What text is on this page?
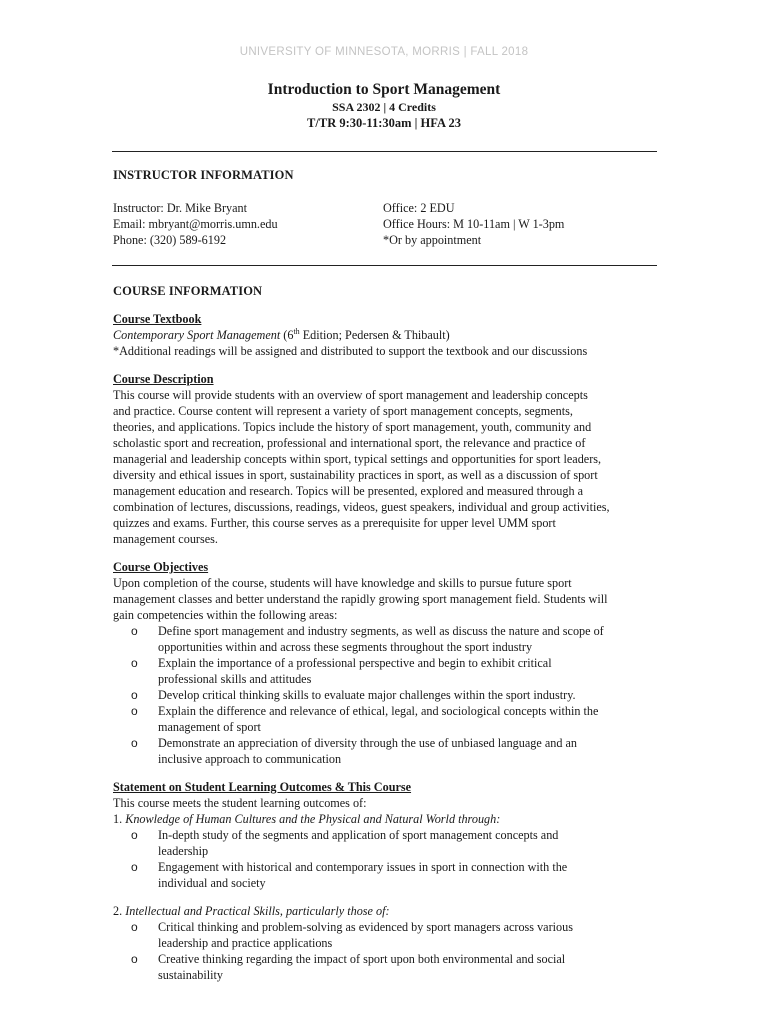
UNIVERSITY OF MINNESOTA, MORRIS | FALL 2018
Introduction to Sport Management
SSA 2302 | 4 Credits
T/TR 9:30-11:30am | HFA 23
INSTRUCTOR INFORMATION
Instructor: Dr. Mike Bryant
Email: mbryant@morris.umn.edu
Phone: (320) 589-6192
Office: 2 EDU
Office Hours: M 10-11am | W 1-3pm
*Or by appointment
COURSE INFORMATION
Course Textbook
Contemporary Sport Management (6th Edition; Pedersen & Thibault)
*Additional readings will be assigned and distributed to support the textbook and our discussions
Course Description
This course will provide students with an overview of sport management and leadership concepts
and practice. Course content will represent a variety of sport management concepts, segments,
theories, and applications. Topics include the history of sport management, youth, community and
scholastic sport and recreation, professional and international sport, the relevance and practice of
managerial and leadership concepts within sport, typical settings and opportunities for sport leaders,
diversity and ethical issues in sport, sustainability practices in sport, as well as a discussion of sport
management education and research. Topics will be presented, explored and measured through a
combination of lectures, discussions, readings, videos, guest speakers, individual and group activities,
quizzes and exams. Further, this course serves as a prerequisite for upper level UMM sport
management courses.
Course Objectives
Upon completion of the course, students will have knowledge and skills to pursue future sport
management classes and better understand the rapidly growing sport management field. Students will
gain competencies within the following areas:
o Define sport management and industry segments, as well as discuss the nature and scope of
opportunities within and across these segments throughout the sport industry
o Explain the importance of a professional perspective and begin to exhibit critical
professional skills and attitudes
o Develop critical thinking skills to evaluate major challenges within the sport industry.
o Explain the difference and relevance of ethical, legal, and sociological concepts within the
management of sport
o Demonstrate an appreciation of diversity through the use of unbiased language and an
inclusive approach to communication
Statement on Student Learning Outcomes & This Course
This course meets the student learning outcomes of:
1. Knowledge of Human Cultures and the Physical and Natural World through:
o In-depth study of the segments and application of sport management concepts and
leadership
o Engagement with historical and contemporary issues in sport in connection with the
individual and society
2. Intellectual and Practical Skills, particularly those of:
o Critical thinking and problem-solving as evidenced by sport managers across various
leadership and practice applications
o Creative thinking regarding the impact of sport upon both environmental and social
sustainability
